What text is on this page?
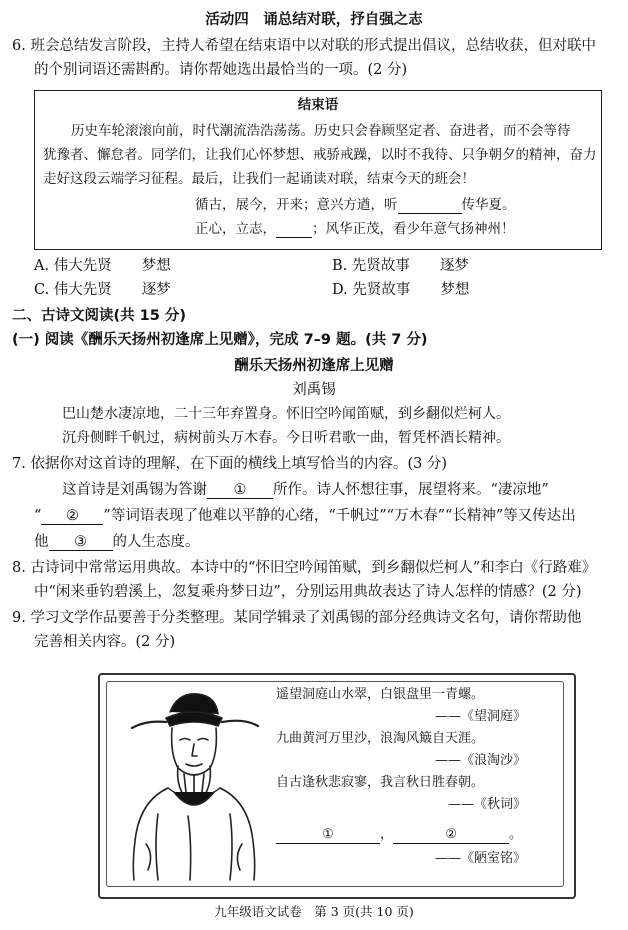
活动四　诵总结对联，抒自强之志
6. 班会总结发言阶段，主持人希望在结束语中以对联的形式提出倡议，总结收获，但对联中
的个别词语还需斟酌。请你帮她选出最恰当的一项。(2 分)
结束语
历史车轮滚滚向前，时代潮流浩浩荡荡。历史只会眷顾坚定者、奋进者，而不会等待
犹豫者、懈怠者。同学们，让我们心怀梦想、戒骄戒躁，以时不我待、只争朝夕的精神，奋力
走好这段云端学习征程。最后，让我们一起诵读对联，结束今天的班会！
循古，展今，开来；意兴方遒，听	传华夏。
正心，立志，	；风华正茂，看少年意气扬神州！
A. 伟大先贤 梦想	B. 先贤故事 逐梦
C. 伟大先贤 逐梦	D. 先贤故事 梦想
二、古诗文阅读(共 15 分)
(一) 阅读《酬乐天扬州初逢席上见赠》，完成 7–9 题。(共 7 分)
酬乐天扬州初逢席上见赠
刘禹锡
巴山楚水凄凉地，二十三年弃置身。怀旧空吟闻笛赋，到乡翻似烂柯人。
沉舟侧畔千帆过，病树前头万木春。今日听君歌一曲，暂凭杯酒长精神。
7. 依据你对这首诗的理解，在下面的横线上填写恰当的内容。(3 分)
这首诗是刘禹锡为答谢 ① 所作。诗人怀想往事，展望将来。“凄凉地”
“ ② ”等词语表现了他难以平静的心绪，“千帆过”“万木春”“长精神”等又传达出
他 ③ 的人生态度。
8. 古诗词中常常运用典故。本诗中的“怀旧空吟闻笛赋，到乡翻似烂柯人”和李白《行路难》
中“闲来垂钓碧溪上，忽复乘舟梦日边”，分别运用典故表达了诗人怎样的情感？(2 分)
9. 学习文学作品要善于分类整理。某同学辑录了刘禹锡的部分经典诗文名句，请你帮助他
完善相关内容。(2 分)
遥望洞庭山水翠，白银盘里一青螺。
——《望洞庭》
九曲黄河万里沙，浪淘风簸自天涯。
——《浪淘沙》
自古逢秋悲寂寥，我言秋日胜春朝。
——《秋词》
①	，	②	。
——《陋室铭》
九年级语文试卷　第 3 页(共 10 页)
